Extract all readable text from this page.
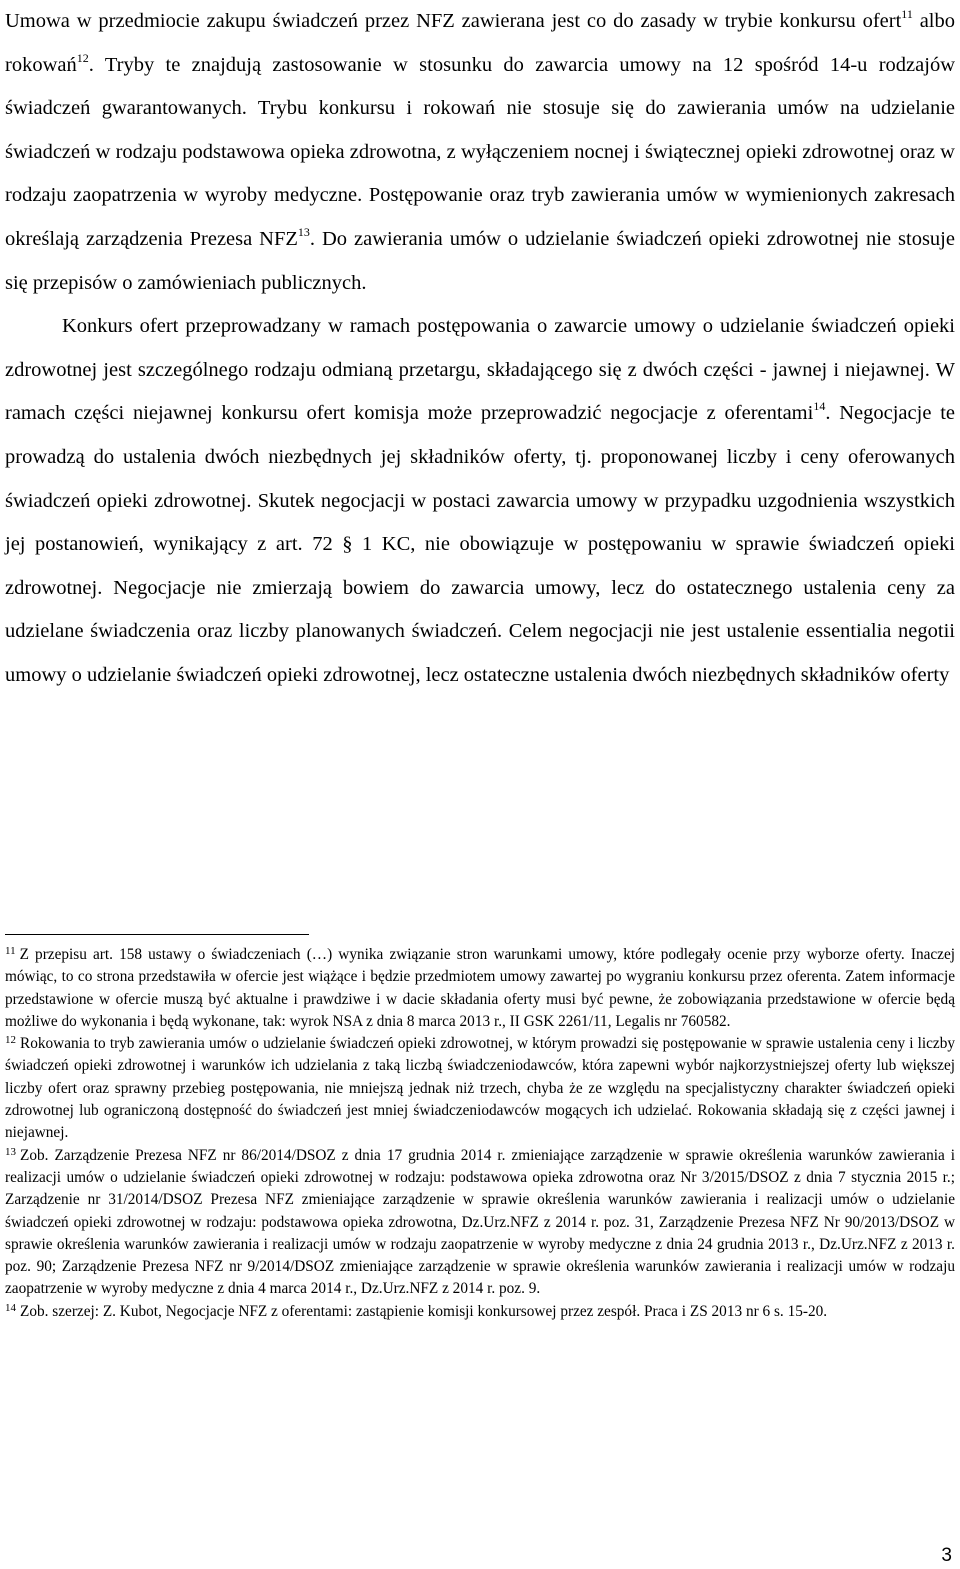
Umowa w przedmiocie zakupu świadczeń przez NFZ zawierana jest co do zasady w trybie konkursu ofert$^{11}$ albo rokowań$^{12}$. Tryby te znajdują zastosowanie w stosunku do zawarcia umowy na 12 spośród 14-u rodzajów świadczeń gwarantowanych. Trybu konkursu i rokowań nie stosuje się do zawierania umów na udzielanie świadczeń w rodzaju podstawowa opieka zdrowotna, z wyłączeniem nocnej i świątecznej opieki zdrowotnej oraz w rodzaju zaopatrzenia w wyroby medyczne. Postępowanie oraz tryb zawierania umów w wymienionych zakresach określają zarządzenia Prezesa NFZ$^{13}$. Do zawierania umów o udzielanie świadczeń opieki zdrowotnej nie stosuje się przepisów o zamówieniach publicznych.

Konkurs ofert przeprowadzany w ramach postępowania o zawarcie umowy o udzielanie świadczeń opieki zdrowotnej jest szczególnego rodzaju odmianą przetargu, składającego się z dwóch części - jawnej i niejawnej. W ramach części niejawnej konkursu ofert komisja może przeprowadzić negocjacje z oferentami$^{14}$. Negocjacje te prowadzą do ustalenia dwóch niezbędnych jej składników oferty, tj. proponowanej liczby i ceny oferowanych świadczeń opieki zdrowotnej. Skutek negocjacji w postaci zawarcia umowy w przypadku uzgodnienia wszystkich jej postanowień, wynikający z art. 72 § 1 KC, nie obowiązuje w postępowaniu w sprawie świadczeń opieki zdrowotnej. Negocjacje nie zmierzają bowiem do zawarcia umowy, lecz do ostatecznego ustalenia ceny za udzielane świadczenia oraz liczby planowanych świadczeń. Celem negocjacji nie jest ustalenie essentialia negotii umowy o udzielanie świadczeń opieki zdrowotnej, lecz ostateczne ustalenia dwóch niezbędnych składników oferty

$^{11}$ Z przepisu art. 158 ustawy o świadczeniach (…) wynika związanie stron warunkami umowy, które podlegały ocenie przy wyborze oferty. Inaczej mówiąc, to co strona przedstawiła w ofercie jest wiążące i będzie przedmiotem umowy zawartej po wygraniu konkursu przez oferenta. Zatem informacje przedstawione w ofercie muszą być aktualne i prawdziwe i w dacie składania oferty musi być pewne, że zobowiązania przedstawione w ofercie będą możliwe do wykonania i będą wykonane, tak: wyrok NSA z dnia 8 marca 2013 r., II GSK 2261/11, Legalis nr 760582.

$^{12}$ Rokowania to tryb zawierania umów o udzielanie świadczeń opieki zdrowotnej, w którym prowadzi się postępowanie w sprawie ustalenia ceny i liczby świadczeń opieki zdrowotnej i warunków ich udzielania z taką liczbą świadczeniodawców, która zapewni wybór najkorzystniejszej oferty lub większej liczby ofert oraz sprawny przebieg postępowania, nie mniejszą jednak niż trzech, chyba że ze względu na specjalistyczny charakter świadczeń opieki zdrowotnej lub ograniczoną dostępność do świadczeń jest mniej świadczeniodawców mogących ich udzielać. Rokowania składają się z części jawnej i niejawnej.

$^{13}$ Zob. Zarządzenie Prezesa NFZ nr 86/2014/DSOZ z dnia 17 grudnia 2014 r. zmieniające zarządzenie w sprawie określenia warunków zawierania i realizacji umów o udzielanie świadczeń opieki zdrowotnej w rodzaju: podstawowa opieka zdrowotna oraz Nr 3/2015/DSOZ z dnia 7 stycznia 2015 r.; Zarządzenie nr 31/2014/DSOZ Prezesa NFZ zmieniające zarządzenie w sprawie określenia warunków zawierania i realizacji umów o udzielanie świadczeń opieki zdrowotnej w rodzaju: podstawowa opieka zdrowotna, Dz.Urz.NFZ z 2014 r. poz. 31, Zarządzenie Prezesa NFZ Nr 90/2013/DSOZ w sprawie określenia warunków zawierania i realizacji umów w rodzaju zaopatrzenie w wyroby medyczne z dnia 24 grudnia 2013 r., Dz.Urz.NFZ z 2013 r. poz. 90; Zarządzenie Prezesa NFZ nr 9/2014/DSOZ zmieniające zarządzenie w sprawie określenia warunków zawierania i realizacji umów w rodzaju zaopatrzenie w wyroby medyczne z dnia 4 marca 2014 r., Dz.Urz.NFZ z 2014 r. poz. 9.

$^{14}$ Zob. szerzej: Z. Kubot, Negocjacje NFZ z oferentami: zastąpienie komisji konkursowej przez zespół. Praca i ZS 2013 nr 6 s. 15-20.

3
